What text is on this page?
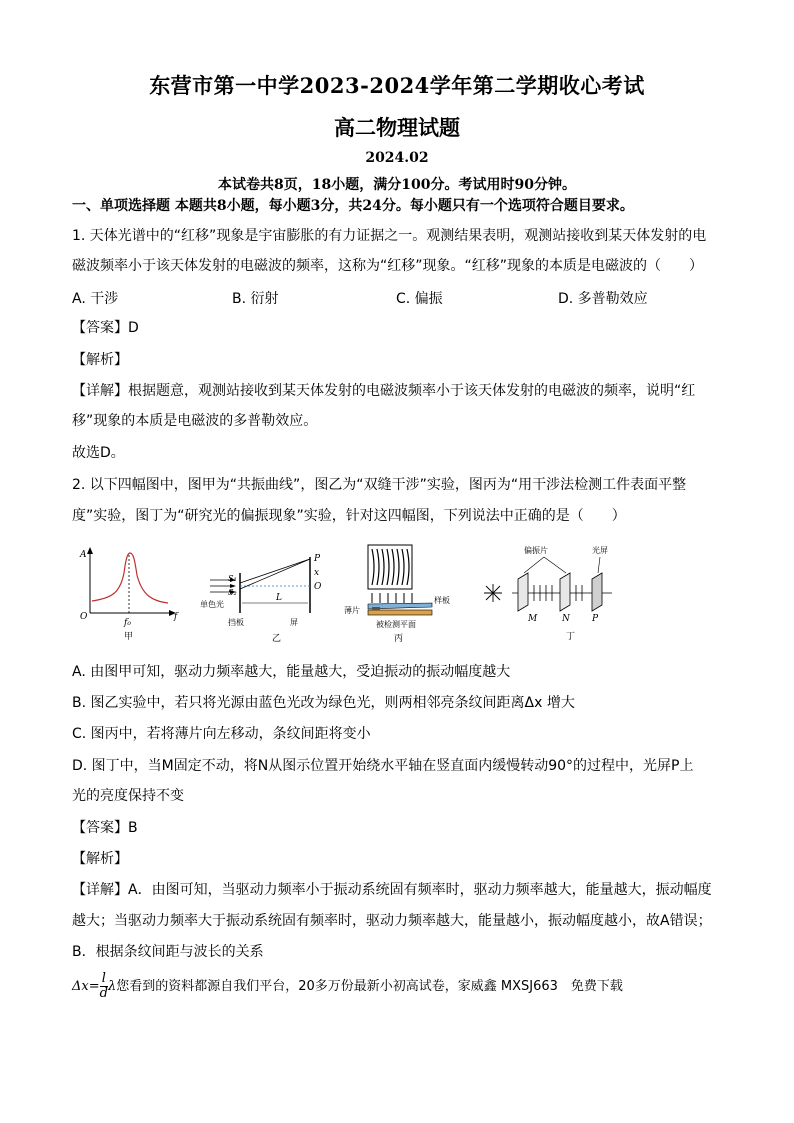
东营市第一中学2023-2024学年第二学期收心考试
高二物理试题
2024.02
本试卷共8页，18小题，满分100分。考试用时90分钟。
一、单项选择题 本题共8小题，每小题3分，共24分。每小题只有一个选项符合题目要求。
1. 天体光谱中的“红移”现象是宇宙膨胀的有力证据之一。观测结果表明，观测站接收到某天体发射的电
磁波频率小于该天体发射的电磁波的频率，这称为“红移”现象。“红移”现象的本质是电磁波的（　　）
A. 干涉	B. 衍射	C. 偏振	D. 多普勒效应
【答案】D
【解析】
【详解】根据题意，观测站接收到某天体发射的电磁波频率小于该天体发射的电磁波的频率，说明“红
移”现象的本质是电磁波的多普勒效应。
故选D。
2. 以下四幅图中，图甲为“共振曲线”，图乙为“双缝干涉”实验，图丙为“用干涉法检测工件表面平整
度”实验，图丁为“研究光的偏振现象”实验，针对这四幅图，下列说法中正确的是（　　）
A
f
O
f₀
甲
S₁
S₂
单色光
L
P
x
O
挡板	屏
乙
薄片
样板
被检测平面
丙
偏振片	光屏
M	N P
丁
A. 由图甲可知，驱动力频率越大，能量越大，受迫振动的振动幅度越大
B. 图乙实验中，若只将光源由蓝色光改为绿色光，则两相邻亮条纹间距离Δx 增大
C. 图丙中，若将薄片向左移动，条纹间距将变小
D. 图丁中，当M固定不动，将N从图示位置开始绕水平轴在竖直面内缓慢转动90°的过程中，光屏P上
光的亮度保持不变
【答案】B
【解析】
【详解】A．由图可知，当驱动力频率小于振动系统固有频率时，驱动力频率越大，能量越大，振动幅度
越大；当驱动力频率大于振动系统固有频率时，驱动力频率越大，能量越小，振动幅度越小，故A错误；
B．根据条纹间距与波长的关系
$\Delta x= \frac{l}{d}$ λ您看到的资料都源自我们平台，20多万份最新小初高试卷，家威鑫 MXSJ663　免费下载
